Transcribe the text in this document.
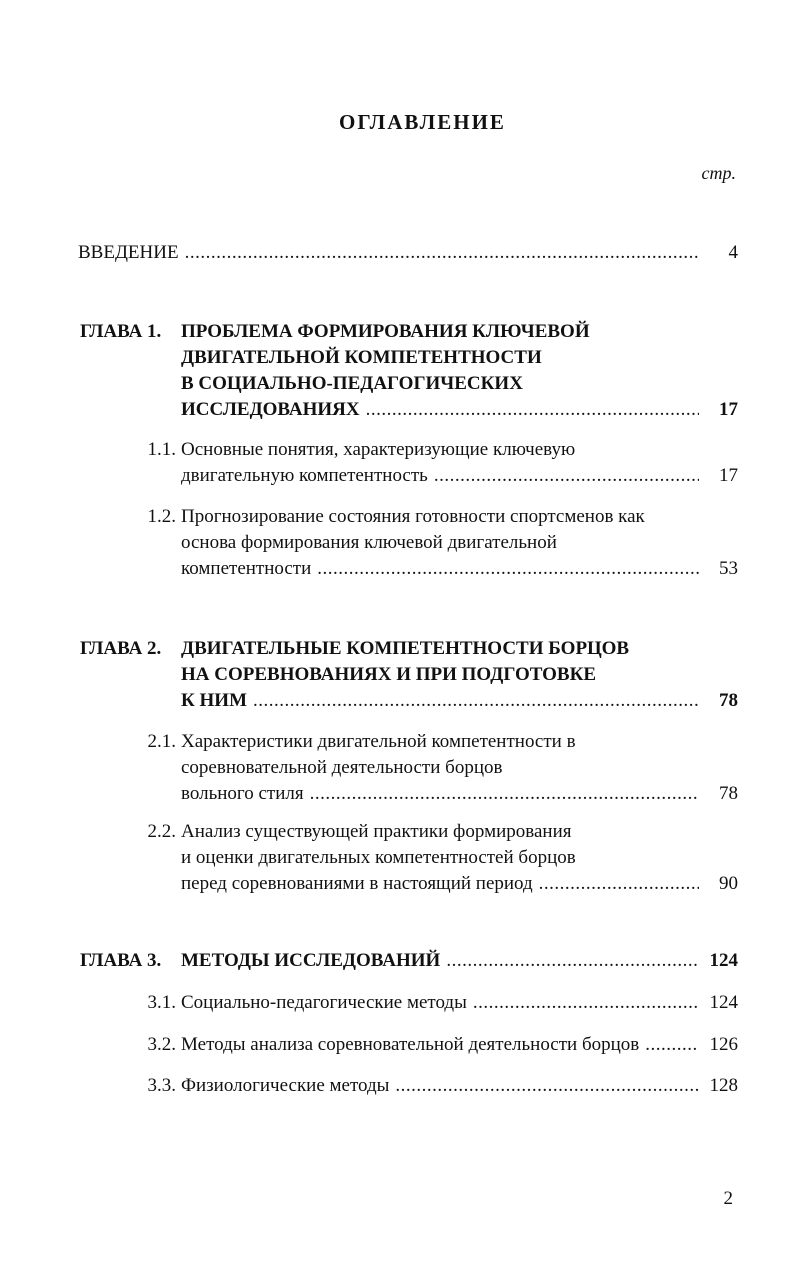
ОГЛАВЛЕНИЕ
стр.
ВВЕДЕНИЕ .....	4
ГЛАВА 1.	ПРОБЛЕМА ФОРМИРОВАНИЯ КЛЮЧЕВОЙ
ДВИГАТЕЛЬНОЙ КОМПЕТЕНТНОСТИ
В СОЦИАЛЬНО-ПЕДАГОГИЧЕСКИХ
ИССЛЕДОВАНИЯХ .....	17
1.1. Основные понятия, характеризующие ключевую
двигательную компетентность .....	17
1.2. Прогнозирование состояния готовности спортсменов как
основа формирования ключевой двигательной
компетентности .....	53
ГЛАВА 2.	ДВИГАТЕЛЬНЫЕ КОМПЕТЕНТНОСТИ БОРЦОВ
НА СОРЕВНОВАНИЯХ И ПРИ ПОДГОТОВКЕ
К НИМ .....	78
2.1. Характеристики двигательной компетентности в
соревновательной деятельности борцов
вольного стиля .....	78
2.2. Анализ существующей практики формирования
и оценки двигательных компетентностей борцов
перед соревнованиями в настоящий период .....	90
ГЛАВА 3.	МЕТОДЫ ИССЛЕДОВАНИЙ .....	124
3.1. Социально-педагогические методы .....	124
3.2. Методы анализа соревновательной деятельности борцов .....	126
3.3. Физиологические методы .....	128
2
